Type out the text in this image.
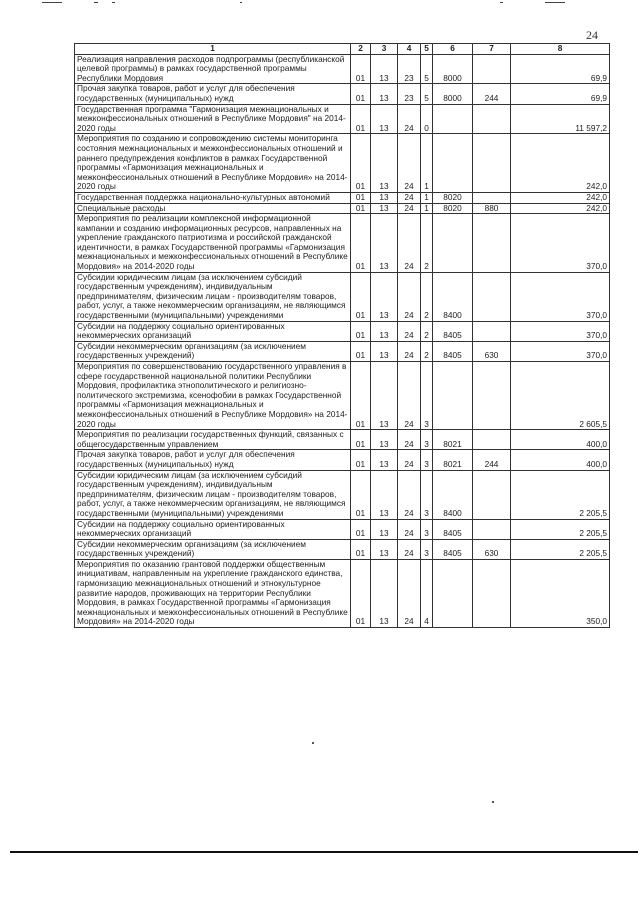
24
1	2	3	4	5	6	7	8
Реализация направления расходов подпрограммы (республиканской целевой программы) в рамках государственной программы Республики Мордовия	01	13	23	5	8000		69,9
Прочая закупка товаров, работ и услуг для обеспечения государственных (муниципальных) нужд	01	13	23	5	8000	244	69,9
Государственная программа "Гармонизация межнациональных и межконфессиональных отношений в Республике Мордовия" на 2014-2020 годы	01	13	24	0			11 597,2
Мероприятия по созданию и сопровождению системы мониторинга состояния межнациональных и межконфессиональных отношений и раннего предупреждения конфликтов в рамках Государственной программы «Гармонизация межнациональных и межконфессиональных отношений в Республике Мордовия» на 2014-2020 годы	01	13	24	1			242,0
Государственная поддержка национально-культурных автономий	01	13	24	1	8020		242,0
Специальные расходы	01	13	24	1	8020	880	242,0
Мероприятия по реализации комплексной информационной кампании и созданию информационных ресурсов, направленных на укрепление гражданского патриотизма и российской гражданской идентичности, в рамках Государственной программы «Гармонизация межнациональных и межконфессиональных отношений в Республике Мордовия» на 2014-2020 годы	01	13	24	2			370,0
Субсидии юридическим лицам (за исключением субсидий государственным учреждениям), индивидуальным предпринимателям, физическим лицам - производителям товаров, работ, услуг, а также некоммерческим организациям, не являющимся государственными (муниципальными) учреждениями	01	13	24	2	8400		370,0
Субсидии на поддержку социально ориентированных некоммерческих организаций	01	13	24	2	8405		370,0
Субсидии некоммерческим организациям (за исключением государственных учреждений)	01	13	24	2	8405	630	370,0
Мероприятия по совершенствованию государственного управления в сфере государственной национальной политики Республики Мордовия, профилактика этнополитического и религиозно-политического экстремизма, ксенофобии в рамках Государственной программы «Гармонизация межнациональных и межконфессиональных отношений в Республике Мордовия» на 2014-2020 годы	01	13	24	3			2 605,5
Мероприятия по реализации государственных функций, связанных с общегосударственным управлением	01	13	24	3	8021		400,0
Прочая закупка товаров, работ и услуг для обеспечения государственных (муниципальных) нужд	01	13	24	3	8021	244	400,0
Субсидии юридическим лицам (за исключением субсидий государственным учреждениям), индивидуальным предпринимателям, физическим лицам - производителям товаров, работ, услуг, а также некоммерческим организациям, не являющимся государственными (муниципальными) учреждениями	01	13	24	3	8400		2 205,5
Субсидии на поддержку социально ориентированных некоммерческих организаций	01	13	24	3	8405		2 205,5
Субсидии некоммерческим организациям (за исключением государственных учреждений)	01	13	24	3	8405	630	2 205,5
Мероприятия по оказанию грантовой поддержки общественным инициативам, направленным на укрепление гражданского единства, гармонизацию межнациональных отношений и этнокультурное развитие народов, проживающих на территории Республики Мордовия, в рамках Государственной программы «Гармонизация межнациональных и межконфессиональных отношений в Республике Мордовия» на 2014-2020 годы	01	13	24	4			350,0
